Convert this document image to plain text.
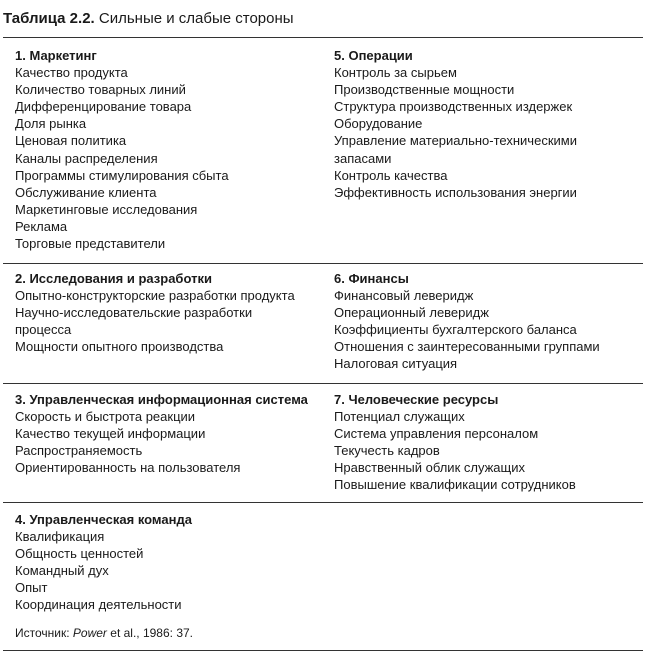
Таблица 2.2. Сильные и слабые стороны
1. Маркетинг
Качество продукта
Количество товарных линий
Дифференцирование товара
Доля рынка
Ценовая политика
Каналы распределения
Программы стимулирования сбыта
Обслуживание клиента
Маркетинговые исследования
Реклама
Торговые представители
5. Операции
Контроль за сырьем
Производственные мощности
Структура производственных издержек
Оборудование
Управление материально-техническими запасами
Контроль качества
Эффективность использования энергии
2. Исследования и разработки
Опытно-конструкторские разработки продукта
Научно-исследовательские разработки процесса
Мощности опытного производства
6. Финансы
Финансовый леверидж
Операционный леверидж
Коэффициенты бухгалтерского баланса
Отношения с заинтересованными группами
Налоговая ситуация
3. Управленческая информационная система
Скорость и быстрота реакции
Качество текущей информации
Распространяемость
Ориентированность на пользователя
7. Человеческие ресурсы
Потенциал служащих
Система управления персоналом
Текучесть кадров
Нравственный облик служащих
Повышение квалификации сотрудников
4. Управленческая команда
Квалификация
Общность ценностей
Командный дух
Опыт
Координация деятельности
Источник: Power et al., 1986: 37.
